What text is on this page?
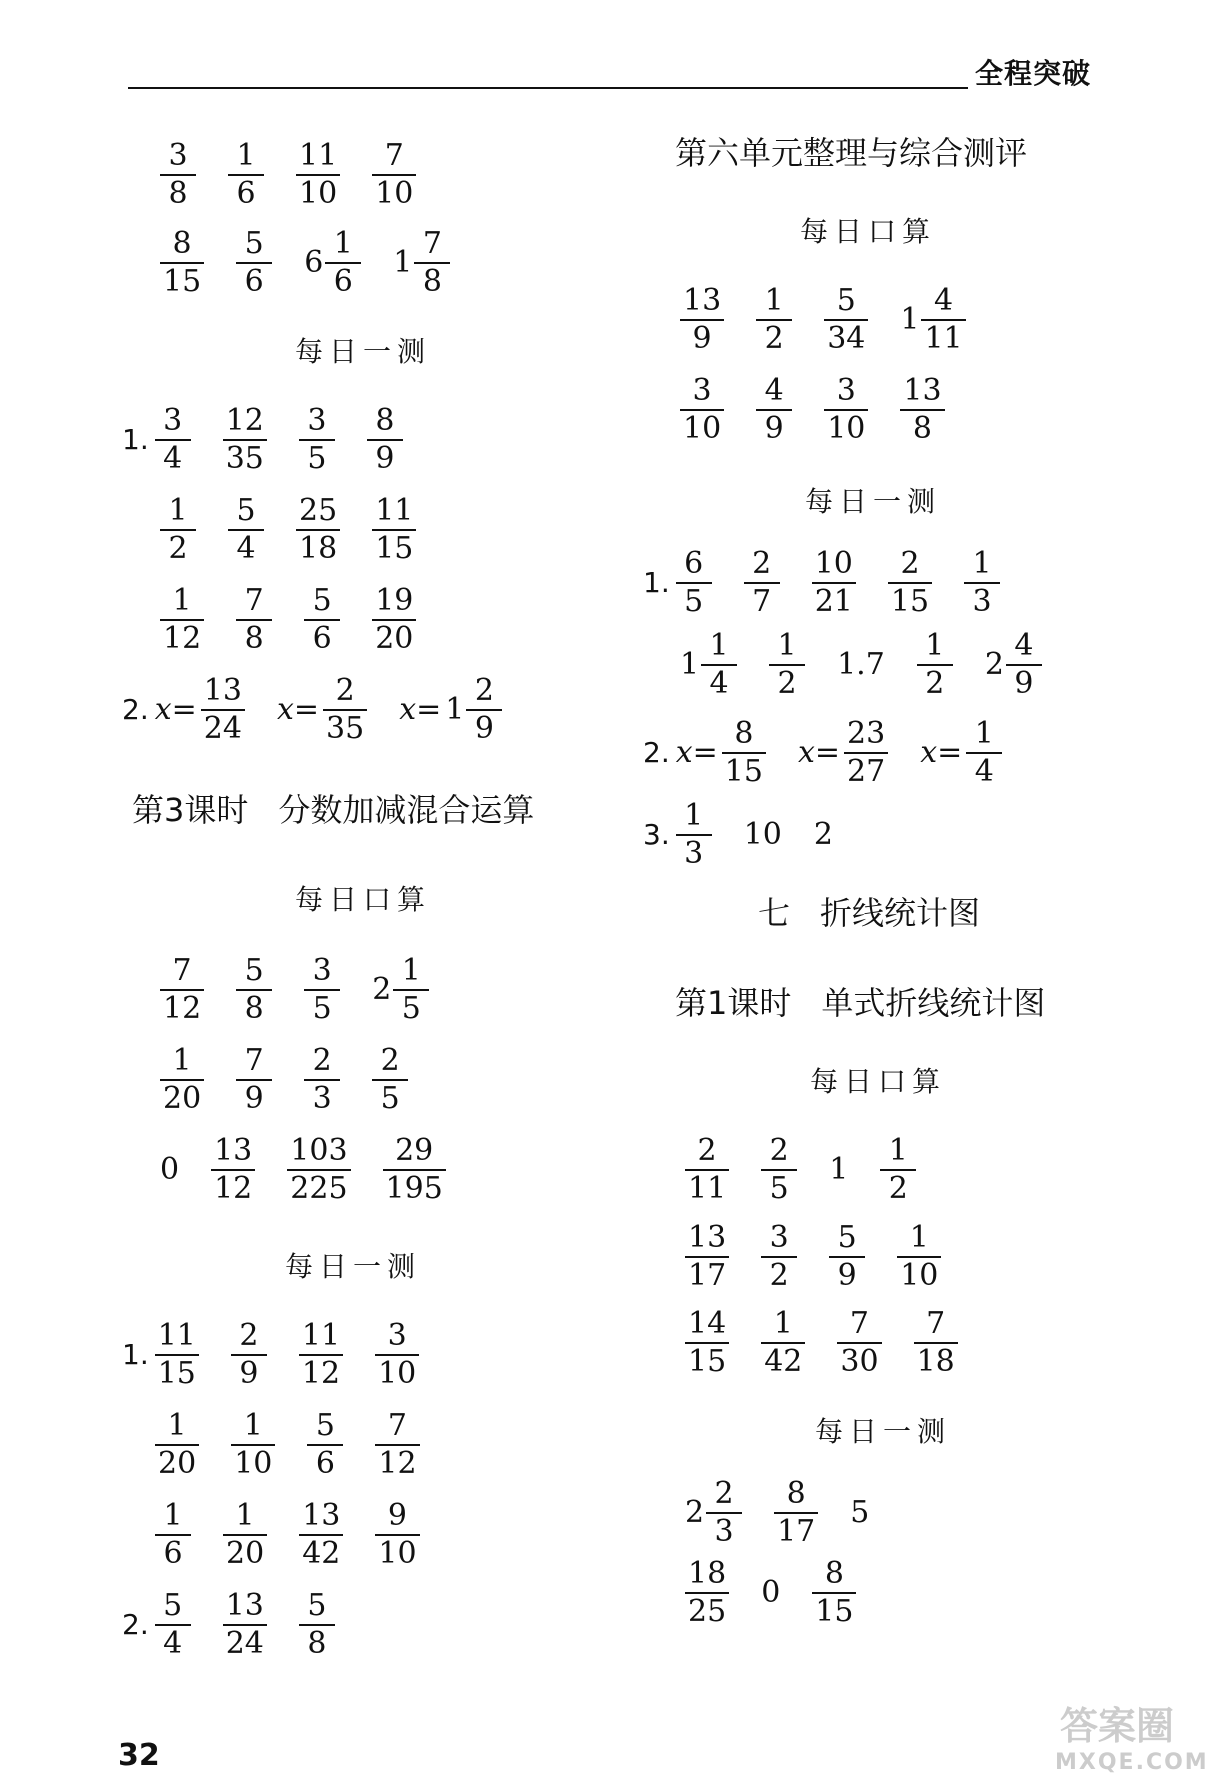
全程突破
$\frac{3}{8} \frac{1}{6} \frac{11}{10} \frac{7}{10}$
$\frac{8}{15} \frac{5}{6} 6 \frac{1}{6} 1 \frac{7}{8}$
每日一测
1. $\frac{3}{4} \frac{12}{35} \frac{3}{5} \frac{8}{9}$
$\frac{1}{2} \frac{5}{4} \frac{25}{18} \frac{11}{15}$
$\frac{1}{12} \frac{7}{8} \frac{5}{6} \frac{19}{20}$
2. $x= \frac{13}{24} x= \frac{2}{35} x= 1 \frac{2}{9}$
第3课时 分数加减混合运算
每日口算
$\frac{7}{12} \frac{5}{8} \frac{3}{5} 2 \frac{1}{5}$
$\frac{1}{20} \frac{7}{9} \frac{2}{3} \frac{2}{5}$
$0 \frac{13}{12} \frac{103}{225} \frac{29}{195}$
每日一测
1. $\frac{11}{15} \frac{2}{9} \frac{11}{12} \frac{3}{10}$
$\frac{1}{20} \frac{1}{10} \frac{5}{6} \frac{7}{12}$
$\frac{1}{6} \frac{1}{20} \frac{13}{42} \frac{9}{10}$
2. $\frac{5}{4} \frac{13}{24} \frac{5}{8}$
第六单元整理与综合测评
每日口算
$\frac{13}{9} \frac{1}{2} \frac{5}{34} 1 \frac{4}{11}$
$\frac{3}{10} \frac{4}{9} \frac{3}{10} \frac{13}{8}$
每日一测
1. $\frac{6}{5} \frac{2}{7} \frac{10}{21} \frac{2}{15} \frac{1}{3}$
$1 \frac{1}{4} \frac{1}{2} 1.7 \frac{1}{2} 2 \frac{4}{9}$
2. $x= \frac{8}{15} x= \frac{23}{27} x= \frac{1}{4}$
3. $\frac{1}{3} 10$ 2
七 折线统计图
第1课时 单式折线统计图
每日口算
$\frac{2}{11} \frac{2}{5} 1 \frac{1}{2}$
$\frac{13}{17} \frac{3}{2} \frac{5}{9} \frac{1}{10}$
$\frac{14}{15} \frac{1}{42} \frac{7}{30} \frac{7}{18}$
每日一测
$2 \frac{2}{3} \frac{8}{17} 5$
$\frac{18}{25} 0 \frac{8}{15}$
32
答案圈
MXQE.COM
